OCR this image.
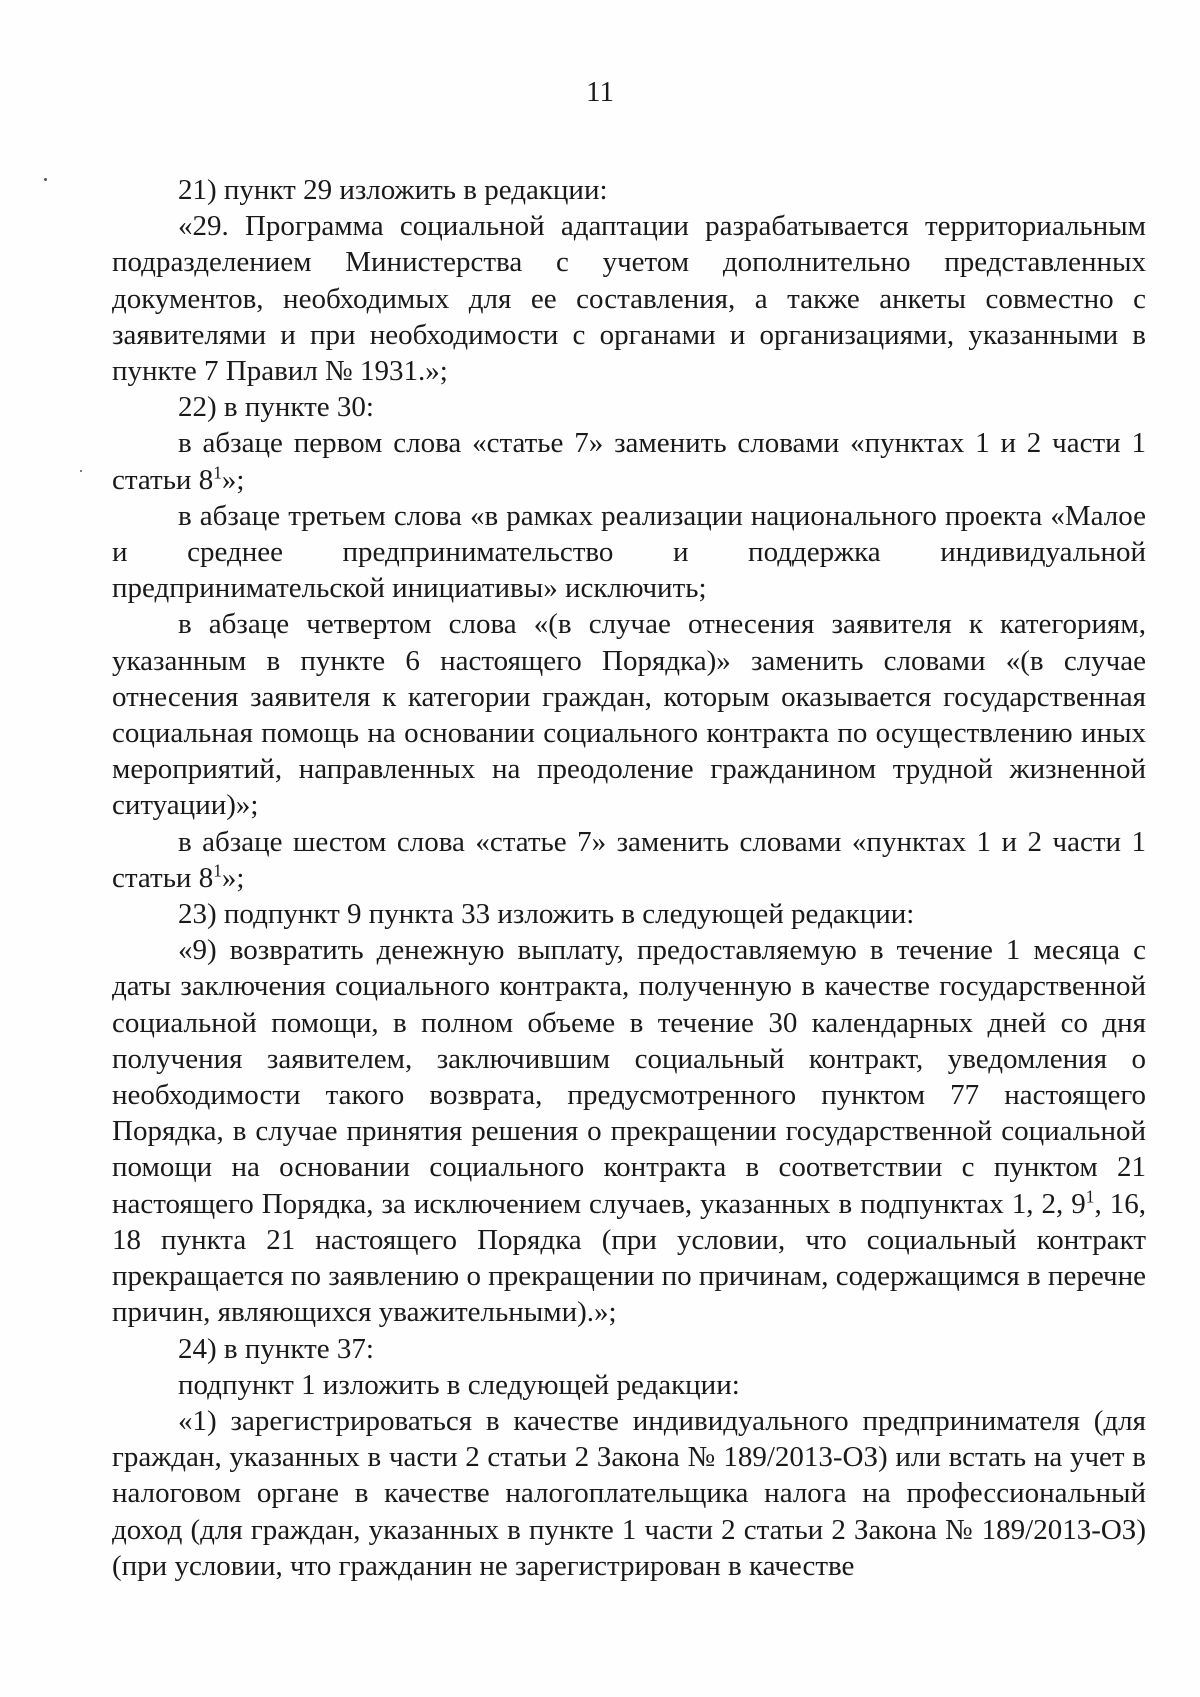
11

21) пункт 29 изложить в редакции:

«29. Программа социальной адаптации разрабатывается территориальным подразделением Министерства с учетом дополнительно представленных документов, необходимых для ее составления, а также анкеты совместно с заявителями и при необходимости с органами и организациями, указанными в пункте 7 Правил № 1931.»;

22) в пункте 30:

в абзаце первом слова «статье 7» заменить словами «пунктах 1 и 2 части 1 статьи $8^1$»;

в абзаце третьем слова «в рамках реализации национального проекта «Малое и среднее предпринимательство и поддержка индивидуальной предпринимательской инициативы» исключить;

в абзаце четвертом слова «(в случае отнесения заявителя к категориям, указанным в пункте 6 настоящего Порядка)» заменить словами «(в случае отнесения заявителя к категории граждан, которым оказывается государственная социальная помощь на основании социального контракта по осуществлению иных мероприятий, направленных на преодоление гражданином трудной жизненной ситуации)»;

в абзаце шестом слова «статье 7» заменить словами «пунктах 1 и 2 части 1 статьи $8^1$»;

23) подпункт 9 пункта 33 изложить в следующей редакции:

«9) возвратить денежную выплату, предоставляемую в течение 1 месяца с даты заключения социального контракта, полученную в качестве государственной социальной помощи, в полном объеме в течение 30 календарных дней со дня получения заявителем, заключившим социальный контракт, уведомления о необходимости такого возврата, предусмотренного пунктом 77 настоящего Порядка, в случае принятия решения о прекращении государственной социальной помощи на основании социального контракта в соответствии с пунктом 21 настоящего Порядка, за исключением случаев, указанных в подпунктах 1, 2, $9^1$, 16, 18 пункта 21 настоящего Порядка (при условии, что социальный контракт прекращается по заявлению о прекращении по причинам, содержащимся в перечне причин, являющихся уважительными).»;

24) в пункте 37:

подпункт 1 изложить в следующей редакции:

«1) зарегистрироваться в качестве индивидуального предпринимателя (для граждан, указанных в части 2 статьи 2 Закона № 189/2013-ОЗ) или встать на учет в налоговом органе в качестве налогоплательщика налога на профессиональный доход (для граждан, указанных в пункте 1 части 2 статьи 2 Закона № 189/2013-ОЗ) (при условии, что гражданин не зарегистрирован в качестве
